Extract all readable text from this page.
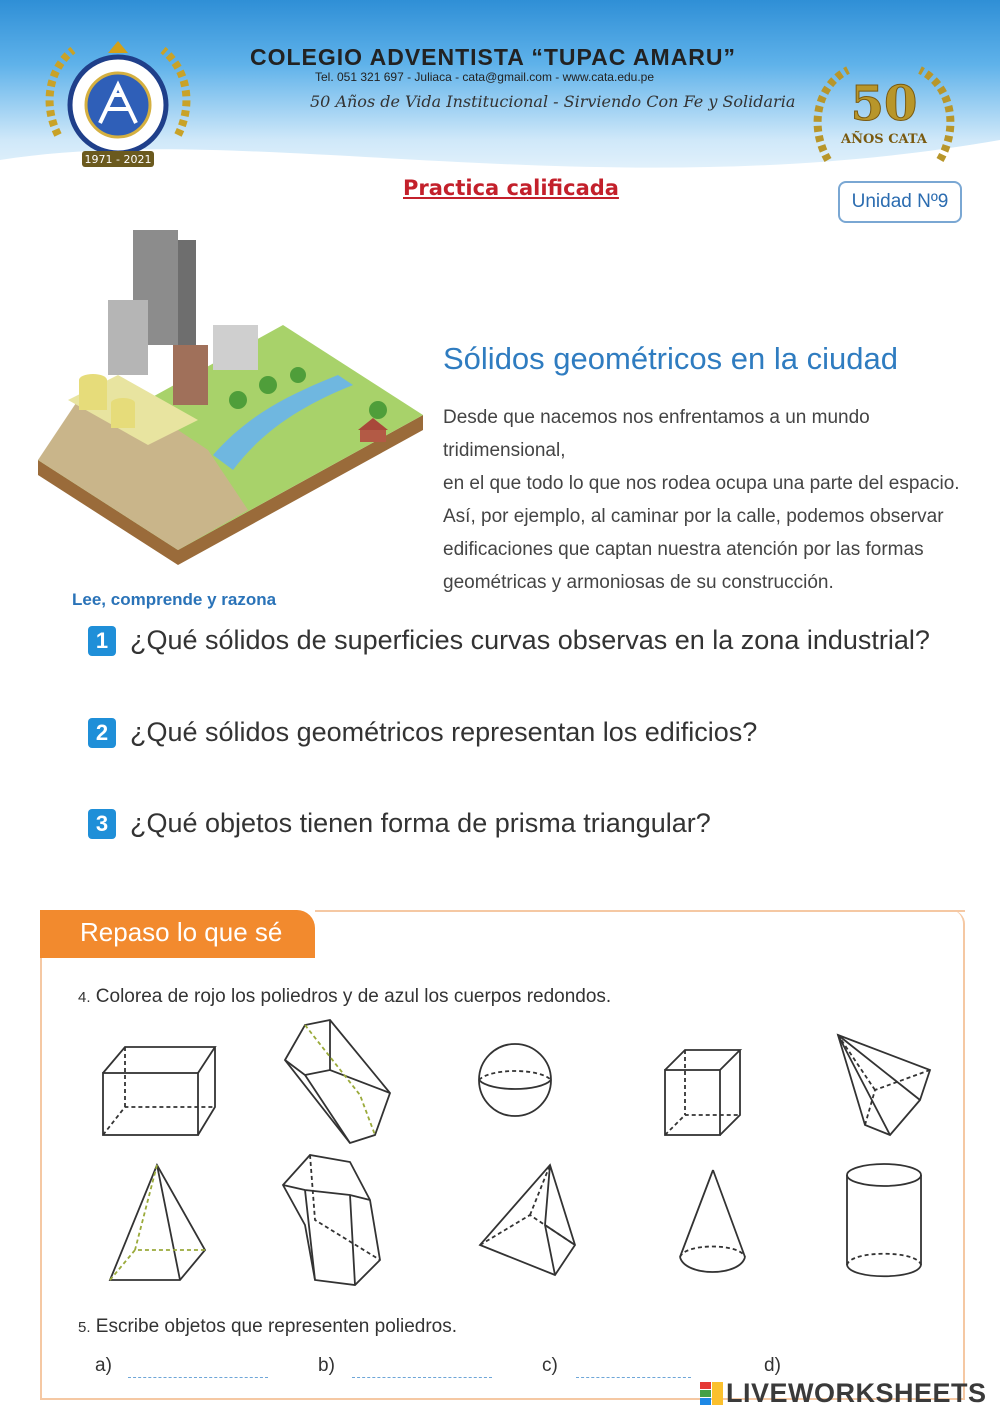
1971 - 2021
COLEGIO ADVENTISTA “TUPAC AMARU”
Tel. 051 321 697 - Juliaca - cata@gmail.com - www.cata.edu.pe
50 Años de Vida Institucional - Sirviendo Con Fe y Solidaria 50
AÑOS CATA
Practica calificada
Unidad Nº9
Sólidos geométricos en la ciudad

Desde que nacemos nos enfrentamos a un mundo tridimensional,

en el que todo lo que nos rodea ocupa una parte del espacio.

Así, por ejemplo, al caminar por la calle, podemos observar

edificaciones que captan nuestra atención por las formas

geométricas y armoniosas de su construcción.

Lee, comprende y razona
1 ¿Qué sólidos de superficies curvas observas en la zona industrial?
2 ¿Qué sólidos geométricos representan los edificios?
3 ¿Qué objetos tienen forma de prisma triangular?
Repaso lo que sé
4. Colorea de rojo los poliedros y de azul los cuerpos redondos.
5. Escribe objetos que representen poliedros.
a)	b)	c)	d)
LIVEWORKSHEETS
